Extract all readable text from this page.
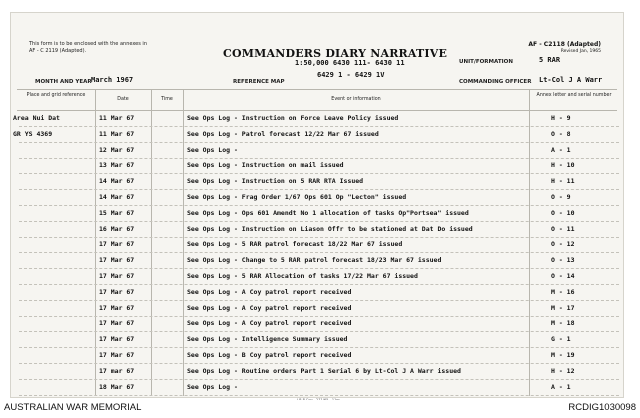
This form is to be enclosed with the annexes in AF - C 2119 (Adapted).
AF - C2118 (Adapted)
Revised Jan, 1965
COMMANDERS DIARY NARRATIVE
UNIT/FORMATION	5 RAR
MONTH AND YEAR March 1967	REFERENCE MAP
1:50,000 6430 111- 6430 11
6429 1 - 6429 1V
COMMANDING OFFICER Lt-Col J A Warr
Place and grid reference
Date	Time	Event or information
Annex letter and serial number
Area Nui Dat	11 Mar 67	See Ops Log - Instruction on Force Leave Policy issued	H - 9
GR YS 4369	11 Mar 67	See Ops Log - Patrol forecast 12/22 Mar 67 issued	O - 8
12 Mar 67	See Ops Log -	A - 1
13 Mar 67	See Ops Log - Instruction on mail issued	H - 10
14 Mar 67	See Ops Log - Instruction on 5 RAR RTA Issued	H - 11
14 Mar 67	See Ops Log - Frag Order 1/67 Ops 601 Op "Lecton" issued	O - 9
15 Mar 67	See Ops Log - Ops 601 Amendt No 1 allocation of tasks Op"Portsea" issued	O - 10
16 Mar 67	See Ops Log - Instruction on Liason Offr to be stationed at Dat Do issued	O - 11
17 Mar 67	See Ops Log - 5 RAR patrol forecast 18/22 Mar 67 issued	O - 12
17 Mar 67	See Ops Log - Change to 5 RAR patrol forecast 18/23 Mar 67 issued	O - 13
17 Mar 67	See Ops Log - 5 RAR Allocation of tasks 17/22 Mar 67 issued	O - 14
17 Mar 67	See Ops Log - A Coy patrol report received	M - 16
17 Mar 67	See Ops Log - A Coy patrol report received	M - 17
17 Mar 67	See Ops Log - A Coy patrol report received	M - 18
17 Mar 67	See Ops Log - Intelligence Summary issued	G - 1
17 Mar 67	See Ops Log - B Coy patrol report received	M - 19
17 mar 67	See Ops Log - Routine orders Part 1 Serial 6 by Lt-Col J A Warr issued	H - 12
18 Mar 67	See Ops Log -	A - 1
AUSTRALIAN WAR MEMORIAL	RCDIG1030098
